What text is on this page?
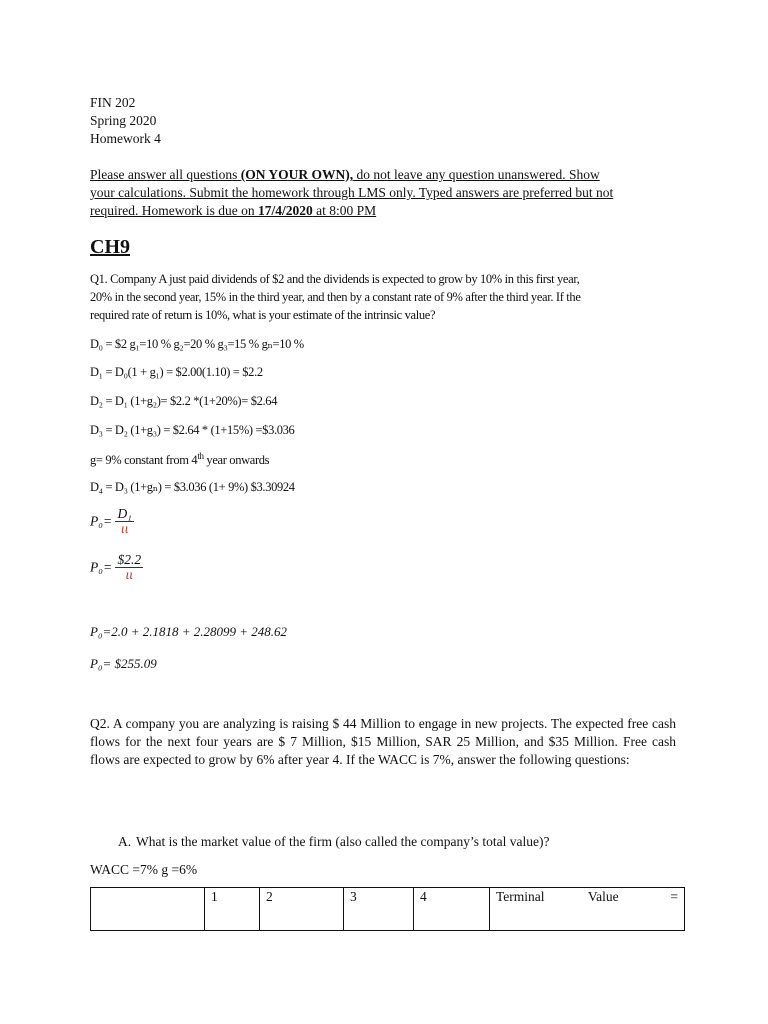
FIN 202
Spring 2020
Homework 4
Please answer all questions (ON YOUR OWN), do not leave any question unanswered. Show
your calculations. Submit the homework through LMS only. Typed answers are preferred but not
required. Homework is due on 17/4/2020 at 8:00 PM
CH9
Q1. Company A just paid dividends of $2 and the dividends is expected to grow by 10% in this first year,
20% in the second year, 15% in the third year, and then by a constant rate of 9% after the third year. If the
required rate of return is 10%, what is your estimate of the intrinsic value?
D₀ = $2 g₁=10 % g₂=20 % g₃=15 % gₙ=10 %
D₁ = D₀(1 + g₁) = $2.00(1.10) = $2.2
D₂ = D₁ (1+g₂)= $2.2 *(1+20%)= $2.64
D₃ = D₂ (1+g₃) = $2.64 * (1+15%) =$3.036
g= 9% constant from 4th year onwards
D₄ = D₃ (1+gₙ) = $3.036 (1+ 9%) $3.30924
$P_0= \frac{\text{D₁}}{\iota\iota}$
$P_0= \frac{\$2.2}{\iota\iota}$
P₀=2.0 + 2.1818 + 2.28099 + 248.62
P₀= $255.09
Q2. A company you are analyzing is raising $ 44 Million to engage in new projects. The expected free cash flows for the next four years are $ 7 Million, $15 Million, SAR 25 Million, and $35 Million. Free cash flows are expected to grow by 6% after year 4. If the WACC is 7%, answer the following questions:
A. What is the market value of the firm (also called the company’s total value)?
WACC =7% g =6%
	1	2	3	4	Terminal	Value	=
